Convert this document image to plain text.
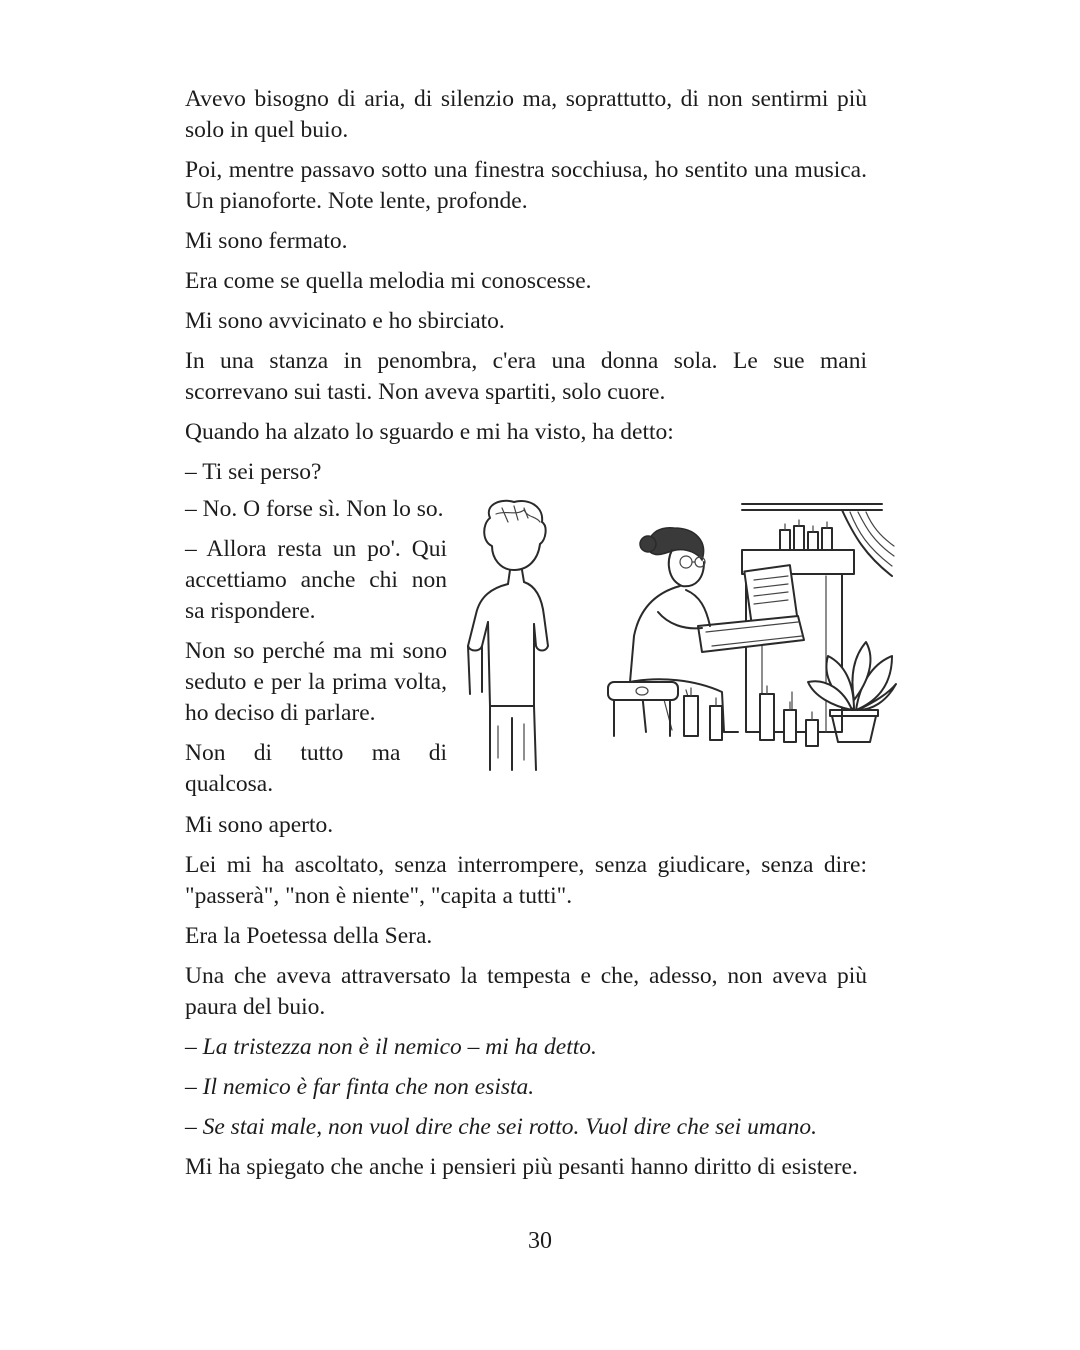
Avevo bisogno di aria, di silenzio ma, soprattutto, di non sentirmi più solo in quel buio.

Poi, mentre passavo sotto una finestra socchiusa, ho sentito una musica. Un pianoforte. Note lente, profonde.

Mi sono fermato.

Era come se quella melodia mi conoscesse.

Mi sono avvicinato e ho sbirciato.

In una stanza in penombra, c'era una donna sola. Le sue mani scorrevano sui tasti. Non aveva spartiti, solo cuore.

Quando ha alzato lo sguardo e mi ha visto, ha detto:

– Ti sei perso?

– No. O forse sì. Non lo so.

– Allora resta un po'. Qui accettiamo anche chi non sa rispondere.

Non so perché ma mi sono seduto e per la prima volta, ho deciso di parlare.

Non di tutto ma di qualcosa.

Mi sono aperto.

Lei mi ha ascoltato, senza interrompere, senza giudicare, senza dire: "passerà", "non è niente", "capita a tutti".

Era la Poetessa della Sera.

Una che aveva attraversato la tempesta e che, adesso, non aveva più paura del buio.

– La tristezza non è il nemico – mi ha detto.

– Il nemico è far finta che non esista.

– Se stai male, non vuol dire che sei rotto. Vuol dire che sei umano.

Mi ha spiegato che anche i pensieri più pesanti hanno diritto di esistere.

30
